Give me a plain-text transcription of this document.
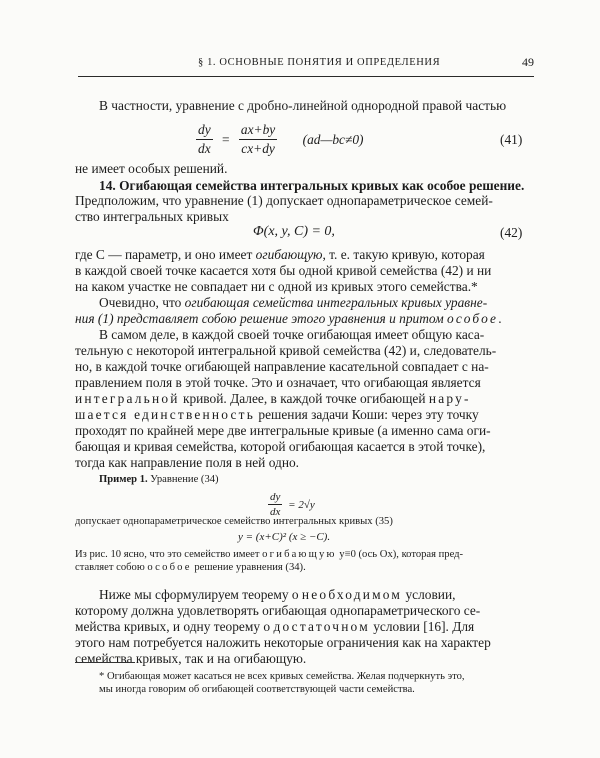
§ 1. ОСНОВНЫЕ ПОНЯТИЯ И ОПРЕДЕЛЕНИЯ	49
В частности, уравнение с дробно-линейной однородной правой частью
$\frac{dy}{dx} = \frac{ax+by}{cx+dy}$ (ad—bc≠0)	(41)
не имеет особых решений.
14. Огибающая семейства интегральных кривых как особое решение.
Предположим, что уравнение (1) допускает однопараметрическое семей-
ство интегральных кривых
Φ(x, y, C) = 0,	(42)
где C — параметр, и оно имеет огибающую, т. е. такую кривую, которая
в каждой своей точке касается хотя бы одной кривой семейства (42) и ни
на каком участке не совпадает ни с одной из кривых этого семейства.*
Очевидно, что огибающая семейства интегральных кривых уравне-
ния (1) представляет собою решение этого уравнения и притом особое.
В самом деле, в каждой своей точке огибающая имеет общую каса-
тельную с некоторой интегральной кривой семейства (42) и, следователь-
но, в каждой точке огибающей направление касательной совпадает с на-
правлением поля в этой точке. Это и означает, что огибающая является
интегральной кривой. Далее, в каждой точке огибающей нару-
шается единственность решения задачи Коши: через эту точку
проходят по крайней мере две интегральные кривые (а именно сама оги-
бающая и кривая семейства, которой огибающая касается в этой точке),
тогда как направление поля в ней одно.
Пример 1. Уравнение (34)
$\frac{dy}{dx} = 2√y$
допускает однопараметрическое семейство интегральных кривых (35)
y = (x+C)² (x ≥ −C).
Из рис. 10 ясно, что это семейство имеет огибающую y≡0 (ось Ox), которая пред-
ставляет собою особое решение уравнения (34).
Ниже мы сформулируем теорему о необходимом условии,
которому должна удовлетворять огибающая однопараметрического се-
мейства кривых, и одну теорему о достаточном условии [16]. Для
этого нам потребуется наложить некоторые ограничения как на характер
семейства кривых, так и на огибающую.
* Огибающая может касаться не всех кривых семейства. Желая подчеркнуть это,
мы иногда говорим об огибающей соответствующей части семейства.
